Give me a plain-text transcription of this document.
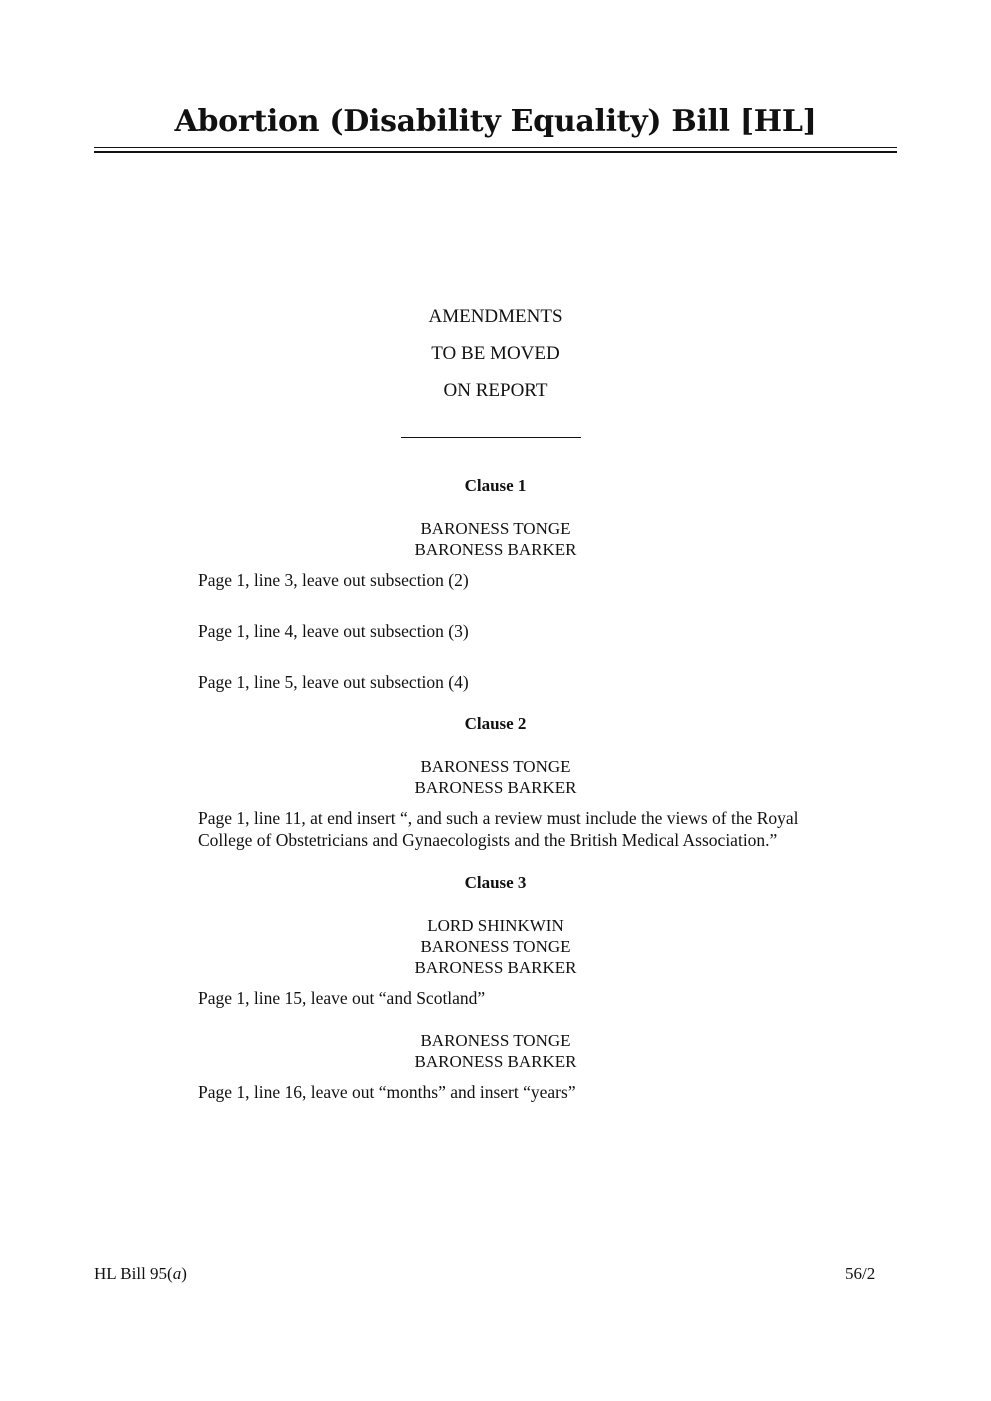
Abortion (Disability Equality) Bill [HL]
AMENDMENTS
TO BE MOVED
ON REPORT
Clause 1
BARONESS TONGE
BARONESS BARKER
Page 1, line 3, leave out subsection (2)
Page 1, line 4, leave out subsection (3)
Page 1, line 5, leave out subsection (4)
Clause 2
BARONESS TONGE
BARONESS BARKER
Page 1, line 11, at end insert “, and such a review must include the views of the Royal
College of Obstetricians and Gynaecologists and the British Medical Association.”
Clause 3
LORD SHINKWIN
BARONESS TONGE
BARONESS BARKER
Page 1, line 15, leave out “and Scotland”
BARONESS TONGE
BARONESS BARKER
Page 1, line 16, leave out “months” and insert “years”
HL Bill 95(a)	56/2
